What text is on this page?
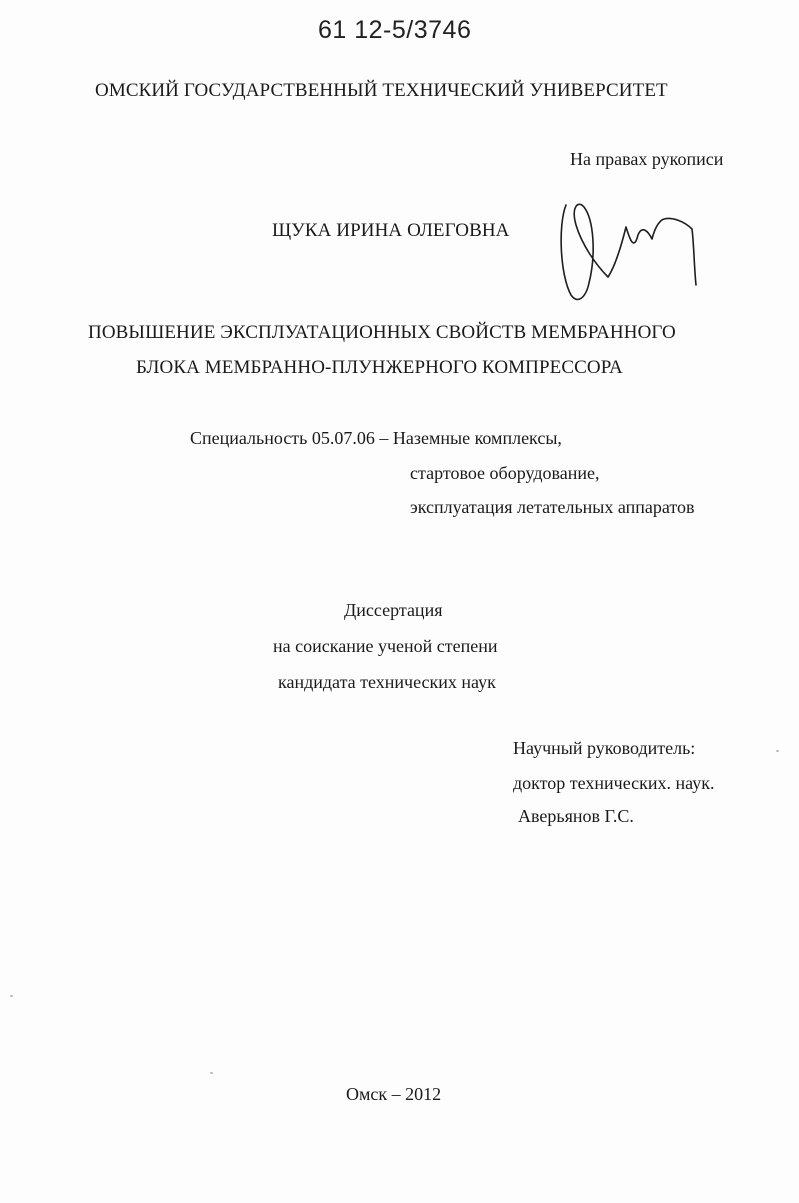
61 12-5/3746
ОМСКИЙ ГОСУДАРСТВЕННЫЙ ТЕХНИЧЕСКИЙ УНИВЕРСИТЕТ
На правах рукописи
ЩУКА ИРИНА ОЛЕГОВНА
ПОВЫШЕНИЕ ЭКСПЛУАТАЦИОННЫХ СВОЙСТВ МЕМБРАННОГО
БЛОКА МЕМБРАННО-ПЛУНЖЕРНОГО КОМПРЕССОРА
Специальность 05.07.06 – Наземные комплексы,
стартовое оборудование,
эксплуатация летательных аппаратов
Диссертация
на соискание ученой степени
кандидата технических наук
Научный руководитель:
доктор технических. наук.
Аверьянов Г.С.
Омск – 2012
